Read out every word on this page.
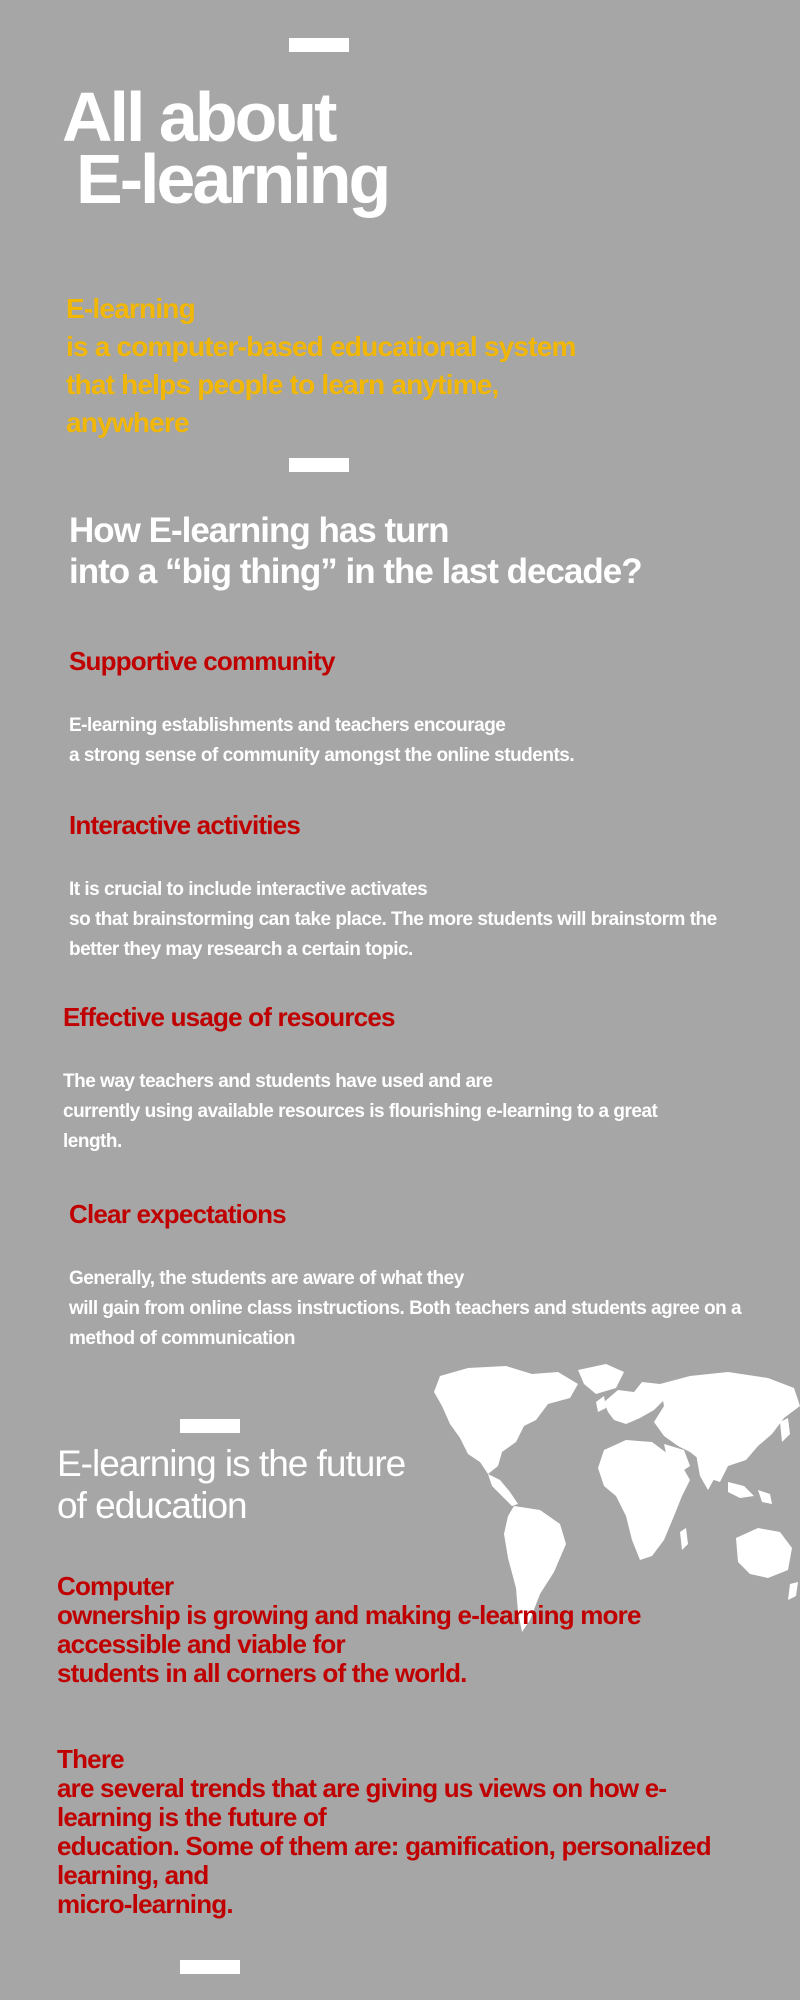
All about
E-learning
E-learning
is a computer-based educational system
that helps people to learn anytime,
anywhere
How E-learning has turn
into a “big thing” in the last decade?
Supportive community
E-learning establishments and teachers encourage
a strong sense of community amongst the online students.
Interactive activities
It is crucial to include interactive activates
so that brainstorming can take place. The more students will brainstorm the
better they may research a certain topic.
Effective usage of resources
The way teachers and students have used and are
currently using available resources is flourishing e-learning to a great
length.
Clear expectations
Generally, the students are aware of what they
will gain from online class instructions. Both teachers and students agree on a
method of communication
E-learning is the future
of education
Computer
ownership is growing and making e-learning more
accessible and viable for
students in all corners of the world.
There
are several trends that are giving us views on how e-
learning is the future of
education. Some of them are: gamification, personalized
learning, and
micro-learning.
